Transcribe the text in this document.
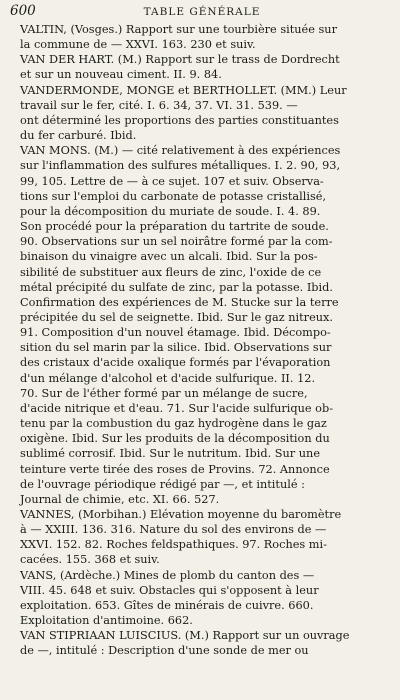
600	TABLE GÉNÉRALE
VALTIN, (Vosges.) Rapport sur une tourbière située sur
la commune de — XXVI. 163. 230 et suiv.
VAN DER HART. (M.) Rapport sur le trass de Dordrecht
et sur un nouveau ciment. II. 9. 84.
VANDERMONDE, MONGE et BERTHOLLET. (MM.) Leur
travail sur le fer, cité. I. 6. 34, 37. VI. 31. 539. —
ont déterminé les proportions des parties constituantes
du fer carburé. Ibid.
VAN MONS. (M.) — cité relativement à des expériences
sur l'inflammation des sulfures métalliques. I. 2. 90, 93,
99, 105. Lettre de — à ce sujet. 107 et suiv. Observa-
tions sur l'emploi du carbonate de potasse cristallisé,
pour la décomposition du muriate de soude. I. 4. 89.
Son procédé pour la préparation du tartrite de soude.
90. Observations sur un sel noirâtre formé par la com-
binaison du vinaigre avec un alcali. Ibid. Sur la pos-
sibilité de substituer aux fleurs de zinc, l'oxide de ce
métal précipité du sulfate de zinc, par la potasse. Ibid.
Confirmation des expériences de M. Stucke sur la terre
précipitée du sel de seignette. Ibid. Sur le gaz nitreux.
91. Composition d'un nouvel étamage. Ibid. Décompo-
sition du sel marin par la silice. Ibid. Observations sur
des cristaux d'acide oxalique formés par l'évaporation
d'un mélange d'alcohol et d'acide sulfurique. II. 12.
70. Sur de l'éther formé par un mélange de sucre,
d'acide nitrique et d'eau. 71. Sur l'acide sulfurique ob-
tenu par la combustion du gaz hydrogène dans le gaz
oxigène. Ibid. Sur les produits de la décomposition du
sublimé corrosif. Ibid. Sur le nutritum. Ibid. Sur une
teinture verte tirée des roses de Provins. 72. Annonce
de l'ouvrage périodique rédigé par —, et intitulé :
Journal de chimie, etc. XI. 66. 527.
VANNES, (Morbihan.) Elévation moyenne du baromètre
à — XXIII. 136. 316. Nature du sol des environs de —
XXVI. 152. 82. Roches feldspathiques. 97. Roches mi-
cacées. 155. 368 et suiv.
VANS, (Ardèche.) Mines de plomb du canton des —
VIII. 45. 648 et suiv. Obstacles qui s'opposent à leur
exploitation. 653. Gîtes de minérais de cuivre. 660.
Exploitation d'antimoine. 662.
VAN STIPRIAAN LUISCIUS. (M.) Rapport sur un ouvrage
de —, intitulé : Description d'une sonde de mer ou
